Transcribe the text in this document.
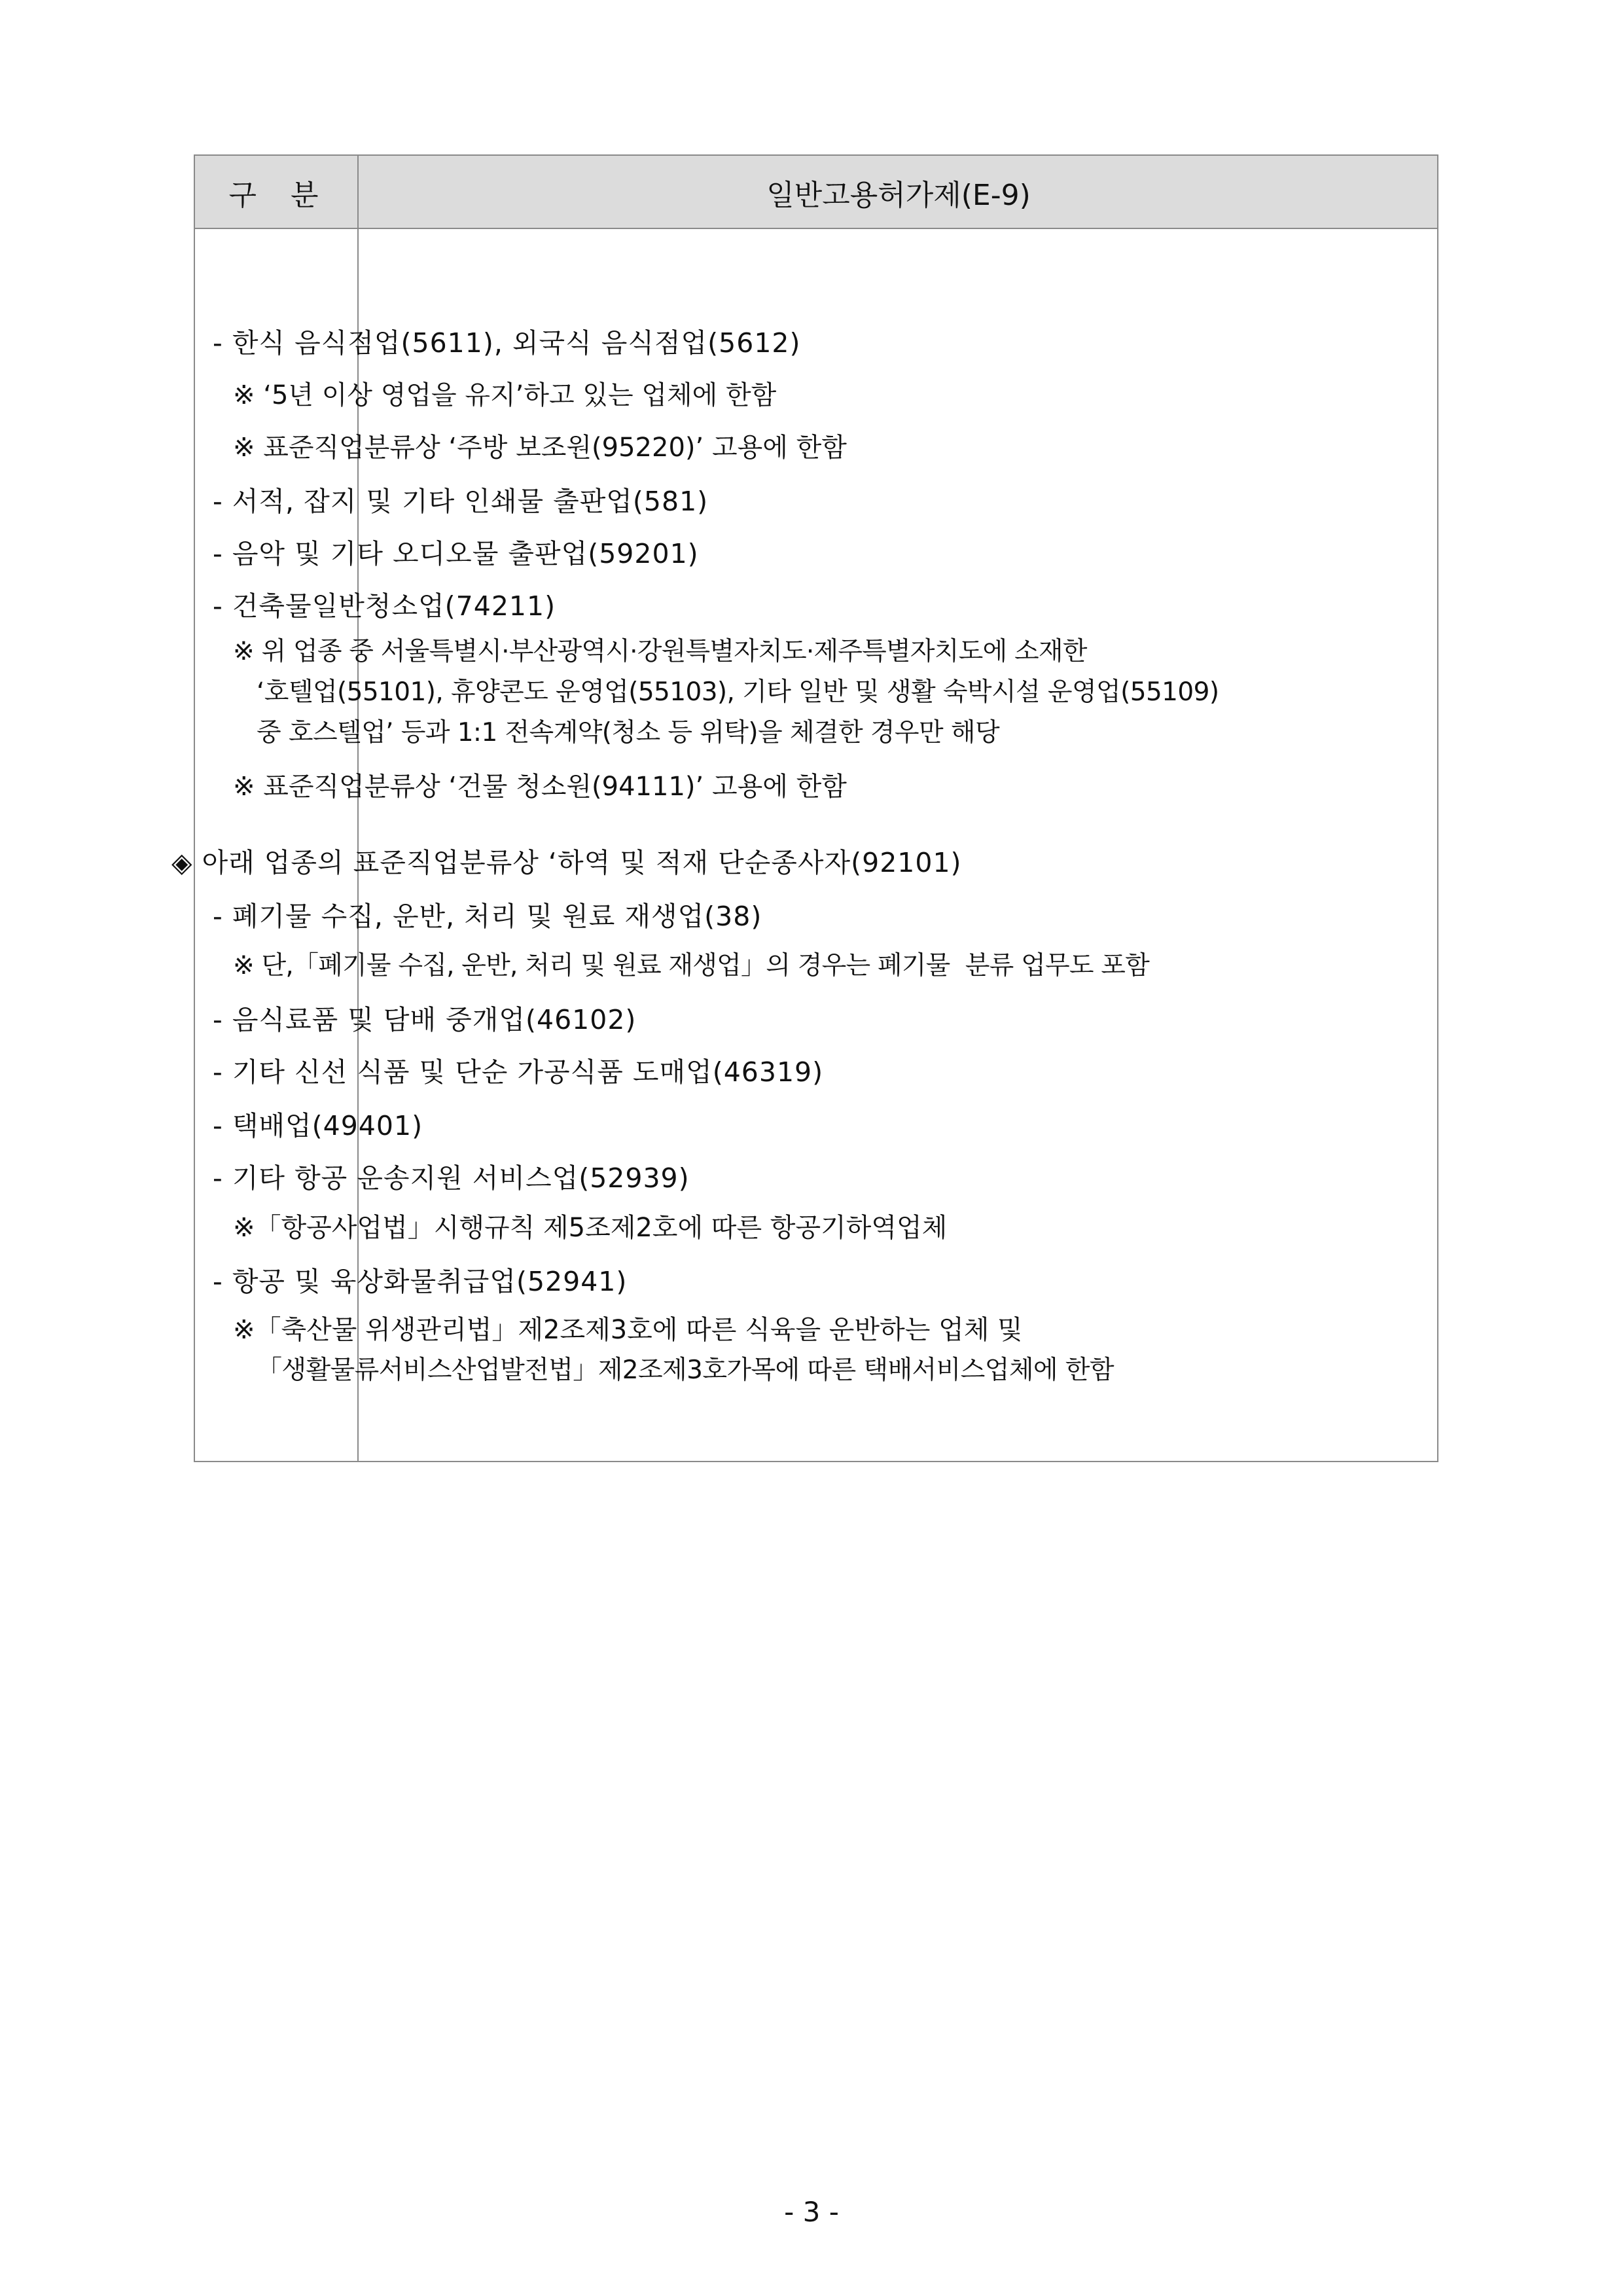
구  분	일반고용허가제(E-9)
- 한식 음식점업(5611), 외국식 음식점업(5612)
※ ‘5년 이상 영업을 유지’하고 있는 업체에 한함
※ 표준직업분류상 ‘주방 보조원(95220)’ 고용에 한함
- 서적, 잡지 및 기타 인쇄물 출판업(581)
- 음악 및 기타 오디오물 출판업(59201)
- 건축물일반청소업(74211)
※ 위 업종 중 서울특별시·부산광역시·강원특별자치도·제주특별자치도에 소재한
‘호텔업(55101), 휴양콘도 운영업(55103), 기타 일반 및 생활 숙박시설 운영업(55109)
중 호스텔업’ 등과 1:1 전속계약(청소 등 위탁)을 체결한 경우만 해당
※ 표준직업분류상 ‘건물 청소원(94111)’ 고용에 한함
◈ 아래 업종의 표준직업분류상 ‘하역 및 적재 단순종사자(92101)
- 폐기물 수집, 운반, 처리 및 원료 재생업(38)
※ 단,「폐기물 수집, 운반, 처리 및 원료 재생업」의 경우는 폐기물  분류 업무도 포함
- 음식료품 및 담배 중개업(46102)
- 기타 신선 식품 및 단순 가공식품 도매업(46319)
- 택배업(49401)
- 기타 항공 운송지원 서비스업(52939)
※「항공사업법」시행규칙 제5조제2호에 따른 항공기하역업체
- 항공 및 육상화물취급업(52941)
※「축산물 위생관리법」제2조제3호에 따른 식육을 운반하는 업체 및
「생활물류서비스산업발전법」제2조제3호가목에 따른 택배서비스업체에 한함
- 3 -
